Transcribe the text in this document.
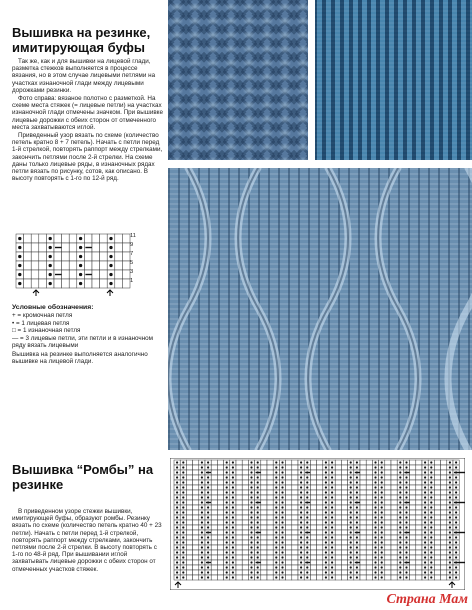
Вышивка на резинке,
имитирующая буфы

Так же, как и для вышивки на лицевой глади, разметка стежков выполняется в процессе вязания, но в этом случае лицевыми петлями на участках изнаночной глади между лицевыми дорожками резинки.

Фото справа: вязаное полотно с разметкой. На схеме места стяжек (= лицевые петли) на участках изнаночной глади отмечены значком. При вышивке лицевые дорожки с обеих сторон от отмеченного места захватываются иглой.

Приведенный узор вязать по схеме (количество петель кратно 8 + 7 петель). Начать с петли перед 1-й стрелкой, повторять раппорт между стрелками, закончить петлями после 2-й стрелки. На схеме даны только лицевые ряды, в изнаночных рядах петли вязать по рисунку, сотов, как описано. В высоту повторять с 1-го по 12-й ряд.

11
9
7
5
3
1
Условные обозначения:
+ = кромочная петля
• = 1 лицевая петля
□ = 1 изнаночная петля
— = 3 лицевые петли, эти петли и в изнаночном ряду вязать лицевыми
Вышивка на резинке выполняется аналогично вышивке на лицевой глади.
Вышивка “Ромбы” на
резинке
В приведенном узоре стежки вышивки, имитирующей буфы, образуют ромбы. Резинку вязать по схеме (количество петель кратно 40 + 23 петли). Начать с петли перед 1-й стрелкой, повторять раппорт между стрелками, закончить петлями после 2-й стрелки. В высоту повторять с 1-го по 48-й ряд. При вышивании иглой захватывать лицевые дорожки с обеих сторон от отмеченных участков стяжек.
Страна Мам
